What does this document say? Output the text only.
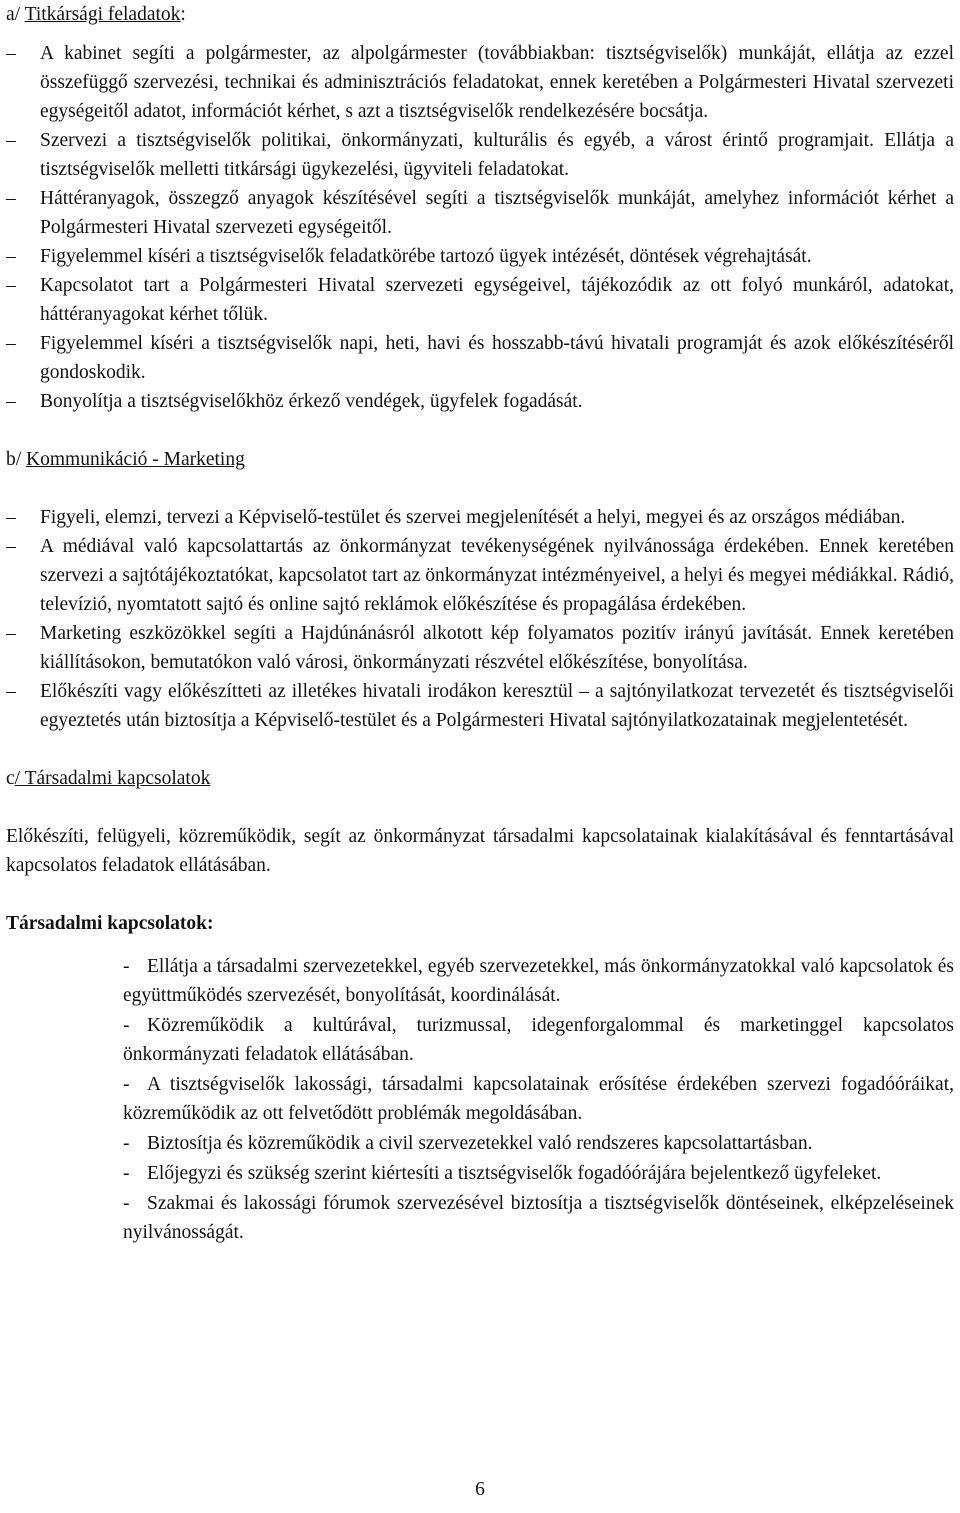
a/ Titkársági feladatok:
–	A kabinet segíti a polgármester, az alpolgármester (továbbiakban: tisztségviselők) munkáját, ellátja az ezzel összefüggő szervezési, technikai és adminisztrációs feladatokat, ennek keretében a Polgármesteri Hivatal szervezeti egységeitől adatot, információt kérhet, s azt a tisztségviselők rendelkezésére bocsátja.
–	Szervezi a tisztségviselők politikai, önkormányzati, kulturális és egyéb, a várost érintő programjait. Ellátja a tisztségviselők melletti titkársági ügykezelési, ügyviteli feladatokat.
–	Háttéranyagok, összegző anyagok készítésével segíti a tisztségviselők munkáját, amelyhez információt kérhet a Polgármesteri Hivatal szervezeti egységeitől.
–	Figyelemmel kíséri a tisztségviselők feladatkörébe tartozó ügyek intézését, döntések végrehajtását.
–	Kapcsolatot tart a Polgármesteri Hivatal szervezeti egységeivel, tájékozódik az ott folyó munkáról, adatokat, háttéranyagokat kérhet tőlük.
–	Figyelemmel kíséri a tisztségviselők napi, heti, havi és hosszabb-távú hivatali programját és azok előkészítéséről gondoskodik.
–	Bonyolítja a tisztségviselőkhöz érkező vendégek, ügyfelek fogadását.
b/ Kommunikáció - Marketing
–	Figyeli, elemzi, tervezi a Képviselő-testület és szervei megjelenítését a helyi, megyei és az országos médiában.
–	A médiával való kapcsolattartás az önkormányzat tevékenységének nyilvánossága érdekében. Ennek keretében szervezi a sajtótájékoztatókat, kapcsolatot tart az önkormányzat intézményeivel, a helyi és megyei médiákkal. Rádió, televízió, nyomtatott sajtó és online sajtó reklámok előkészítése és propagálása érdekében.
–	Marketing eszközökkel segíti a Hajdúnánásról alkotott kép folyamatos pozitív irányú javítását. Ennek keretében kiállításokon, bemutatókon való városi, önkormányzati részvétel előkészítése, bonyolítása.
–	Előkészíti vagy előkészítteti az illetékes hivatali irodákon keresztül – a sajtónyilatkozat tervezetét és tisztségviselői egyeztetés után biztosítja a Képviselő-testület és a Polgármesteri Hivatal sajtónyilatkozatainak megjelentetését.
c/ Társadalmi kapcsolatok

Előkészíti, felügyeli, közreműködik, segít az önkormányzat társadalmi kapcsolatainak kialakításával és fenntartásával kapcsolatos feladatok ellátásában.

Társadalmi kapcsolatok:
- Ellátja a társadalmi szervezetekkel, egyéb szervezetekkel, más önkormányzatokkal való kapcsolatok és együttműködés szervezését, bonyolítását, koordinálását.
- Közreműködik a kultúrával, turizmussal, idegenforgalommal és marketinggel kapcsolatos önkormányzati feladatok ellátásában.
- A tisztségviselők lakossági, társadalmi kapcsolatainak erősítése érdekében szervezi fogadóóráikat, közreműködik az ott felvetődött problémák megoldásában.
- Biztosítja és közreműködik a civil szervezetekkel való rendszeres kapcsolattartásban.
- Előjegyzi és szükség szerint kiértesíti a tisztségviselők fogadóórájára bejelentkező ügyfeleket.
- Szakmai és lakossági fórumok szervezésével biztosítja a tisztségviselők döntéseinek, elképzeléseinek nyilvánosságát.
6
